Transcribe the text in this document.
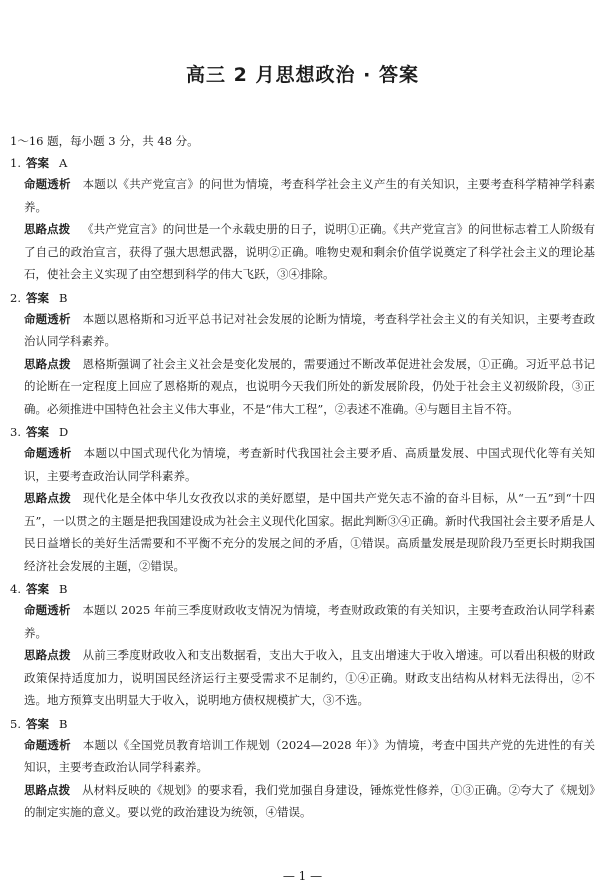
高三 2 月思想政治 · 答案
1～16 题，每小题 3 分，共 48 分。
1. 答案 A
命题透析 本题以《共产党宣言》的问世为情境，考查科学社会主义产生的有关知识，主要考查科学精神学科素养。
思路点拨 《共产党宣言》的问世是一个永载史册的日子，说明①正确。《共产党宣言》的问世标志着工人阶级有了自己的政治宣言，获得了强大思想武器，说明②正确。唯物史观和剩余价值学说奠定了科学社会主义的理论基石，使社会主义实现了由空想到科学的伟大飞跃，③④排除。
2. 答案 B
命题透析 本题以恩格斯和习近平总书记对社会发展的论断为情境，考查科学社会主义的有关知识，主要考查政治认同学科素养。
思路点拨 恩格斯强调了社会主义社会是变化发展的，需要通过不断改革促进社会发展，①正确。习近平总书记的论断在一定程度上回应了恩格斯的观点，也说明今天我们所处的新发展阶段，仍处于社会主义初级阶段，③正确。必须推进中国特色社会主义伟大事业，不是“伟大工程”，②表述不准确。④与题目主旨不符。
3. 答案 D
命题透析 本题以中国式现代化为情境，考查新时代我国社会主要矛盾、高质量发展、中国式现代化等有关知识，主要考查政治认同学科素养。
思路点拨 现代化是全体中华儿女孜孜以求的美好愿望，是中国共产党矢志不渝的奋斗目标，从“一五”到“十四五”，一以贯之的主题是把我国建设成为社会主义现代化国家。据此判断③④正确。新时代我国社会主要矛盾是人民日益增长的美好生活需要和不平衡不充分的发展之间的矛盾，①错误。高质量发展是现阶段乃至更长时期我国经济社会发展的主题，②错误。
4. 答案 B
命题透析 本题以 2025 年前三季度财政收支情况为情境，考查财政政策的有关知识，主要考查政治认同学科素养。
思路点拨 从前三季度财政收入和支出数据看，支出大于收入，且支出增速大于收入增速。可以看出积极的财政政策保持适度加力，说明国民经济运行主要受需求不足制约，①④正确。财政支出结构从材料无法得出，②不选。地方预算支出明显大于收入，说明地方债权规模扩大，③不选。
5. 答案 B
命题透析 本题以《全国党员教育培训工作规划（2024—2028 年）》为情境，考查中国共产党的先进性的有关知识，主要考查政治认同学科素养。
思路点拨 从材料反映的《规划》的要求看，我们党加强自身建设，锤炼党性修养，①③正确。②夸大了《规划》的制定实施的意义。要以党的政治建设为统领，④错误。
— 1 —
